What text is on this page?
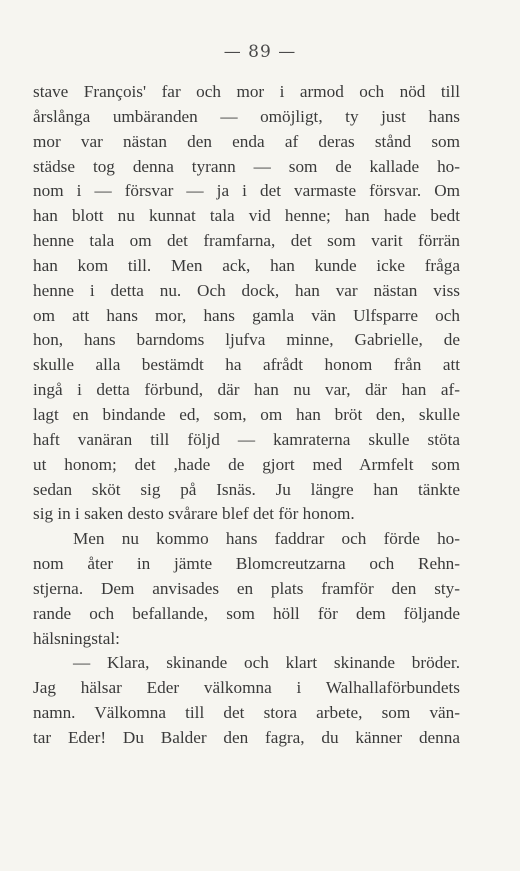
— 89 —
stave François' far och mor i armod och nöd till
årslånga umbäranden — omöjligt, ty just hans
mor var nästan den enda af deras stånd som
städse tog denna tyrann — som de kallade ho-
nom i — försvar — ja i det varmaste försvar. Om
han blott nu kunnat tala vid henne; han hade bedt
henne tala om det framfarna, det som varit förrän
han kom till. Men ack, han kunde icke fråga
henne i detta nu. Och dock, han var nästan viss
om att hans mor, hans gamla vän Ulfsparre och
hon, hans barndoms ljufva minne, Gabrielle, de
skulle alla bestämdt ha afrådt honom från att
ingå i detta förbund, där han nu var, där han af-
lagt en bindande ed, som, om han bröt den, skulle
haft vanäran till följd — kamraterna skulle stöta
ut honom; det ,hade de gjort med Armfelt som
sedan sköt sig på Isnäs. Ju längre han tänkte
sig in i saken desto svårare blef det för honom.
Men nu kommo hans faddrar och förde ho-
nom åter in jämte Blomcreutzarna och Rehn-
stjerna. Dem anvisades en plats framför den sty-
rande och befallande, som höll för dem följande
hälsningstal:
— Klara, skinande och klart skinande bröder.
Jag hälsar Eder välkomna i Walhallaförbundets
namn. Välkomna till det stora arbete, som vän-
tar Eder! Du Balder den fagra, du känner denna
